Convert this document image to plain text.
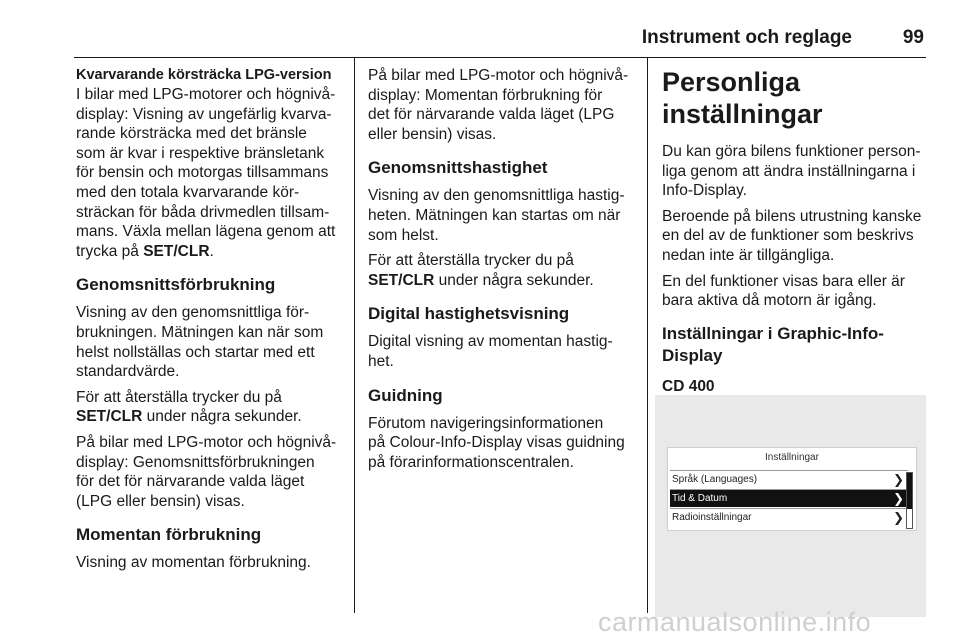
Instrument och reglage	99
Kvarvarande körsträcka LPG-version

I bilar med LPG-motorer och högnivå-
display: Visning av ungefärlig kvarva-
rande körsträcka med det bränsle
som är kvar i respektive bränsletank
för bensin och motorgas tillsammans
med den totala kvarvarande kör-
sträckan för båda drivmedlen tillsam-
mans. Växla mellan lägena genom att
trycka på SET/CLR.

Genomsnittsförbrukning

Visning av den genomsnittliga för-
brukningen. Mätningen kan när som
helst nollställas och startar med ett
standardvärde.

För att återställa trycker du på
SET/CLR under några sekunder.

På bilar med LPG-motor och högnivå-
display: Genomsnittsförbrukningen
för det för närvarande valda läget
(LPG eller bensin) visas.

Momentan förbrukning

Visning av momentan förbrukning.

På bilar med LPG-motor och högnivå-
display: Momentan förbrukning för
det för närvarande valda läget (LPG
eller bensin) visas.

Genomsnittshastighet

Visning av den genomsnittliga hastig-
heten. Mätningen kan startas om när
som helst.

För att återställa trycker du på
SET/CLR under några sekunder.

Digital hastighetsvisning

Digital visning av momentan hastig-
het.

Guidning

Förutom navigeringsinformationen
på Colour-Info-Display visas guidning
på förarinformationscentralen.

Personliga inställningar

Du kan göra bilens funktioner person-
liga genom att ändra inställningarna i
Info-Display.

Beroende på bilens utrustning kanske
en del av de funktioner som beskrivs
nedan inte är tillgängliga.

En del funktioner visas bara eller är
bara aktiva då motorn är igång.

Inställningar i Graphic-Info-
Display
CD 400

Inställningar
Språk (Languages)	❯
Tid & Datum	❯
Radioinställningar	❯
carmanualsonline.info
